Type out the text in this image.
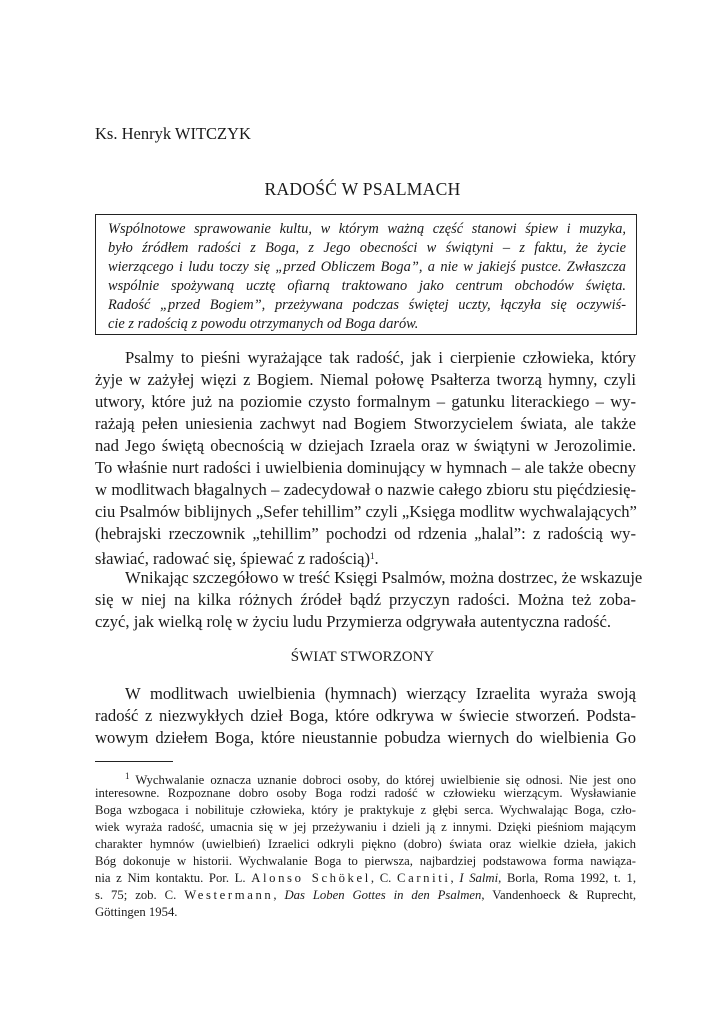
Ks. Henryk WITCZYK
RADOŚĆ W PSALMACH
Wspólnotowe sprawowanie kultu, w którym ważną część stanowi śpiew i muzyka,
było źródłem radości z Boga, z Jego obecności w świątyni – z faktu, że życie
wierzącego i ludu toczy się „przed Obliczem Boga”, a nie w jakiejś pustce. Zwłaszcza
wspólnie spożywaną ucztę ofiarną traktowano jako centrum obchodów święta.
Radość „przed Bogiem”, przeżywana podczas świętej uczty, łączyła się oczywiś-
cie z radością z powodu otrzymanych od Boga darów.
Psalmy to pieśni wyrażające tak radość, jak i cierpienie człowieka, który
żyje w zażyłej więzi z Bogiem. Niemal połowę Psałterza tworzą hymny, czyli
utwory, które już na poziomie czysto formalnym – gatunku literackiego – wy-
rażają pełen uniesienia zachwyt nad Bogiem Stworzycielem świata, ale także
nad Jego świętą obecnością w dziejach Izraela oraz w świątyni w Jerozolimie.
To właśnie nurt radości i uwielbienia dominujący w hymnach – ale także obecny
w modlitwach błagalnych – zadecydował o nazwie całego zbioru stu pięćdziesię-
ciu Psalmów biblijnych „Sefer tehillim” czyli „Księga modlitw wychwalających”
(hebrajski rzeczownik „tehillim” pochodzi od rdzenia „halal”: z radością wy-
sławiać, radować się, śpiewać z radością)$^1$.
Wnikając szczegółowo w treść Księgi Psalmów, można dostrzec, że wskazuje
się w niej na kilka różnych źródeł bądź przyczyn radości. Można też zoba-
czyć, jak wielką rolę w życiu ludu Przymierza odgrywała autentyczna radość.
ŚWIAT STWORZONY
W modlitwach uwielbienia (hymnach) wierzący Izraelita wyraża swoją
radość z niezwykłych dzieł Boga, które odkrywa w świecie stworzeń. Podsta-
wowym dziełem Boga, które nieustannie pobudza wiernych do wielbienia Go
$^1$ Wychwalanie oznacza uznanie dobroci osoby, do której uwielbienie się odnosi. Nie jest ono
interesowne. Rozpoznane dobro osoby Boga rodzi radość w człowieku wierzącym. Wysławianie
Boga wzbogaca i nobilituje człowieka, który je praktykuje z głębi serca. Wychwalając Boga, czło-
wiek wyraża radość, umacnia się w jej przeżywaniu i dzieli ją z innymi. Dzięki pieśniom mającym
charakter hymnów (uwielbień) Izraelici odkryli piękno (dobro) świata oraz wielkie dzieła, jakich
Bóg dokonuje w historii. Wychwalanie Boga to pierwsza, najbardziej podstawowa forma nawiąza-
nia z Nim kontaktu. Por. L. Alonso Schökel, C. Carniti, I Salmi, Borla, Roma 1992, t. 1,
s. 75; zob. C. Westermann, Das Loben Gottes in den Psalmen, Vandenhoeck & Ruprecht,
Göttingen 1954.
